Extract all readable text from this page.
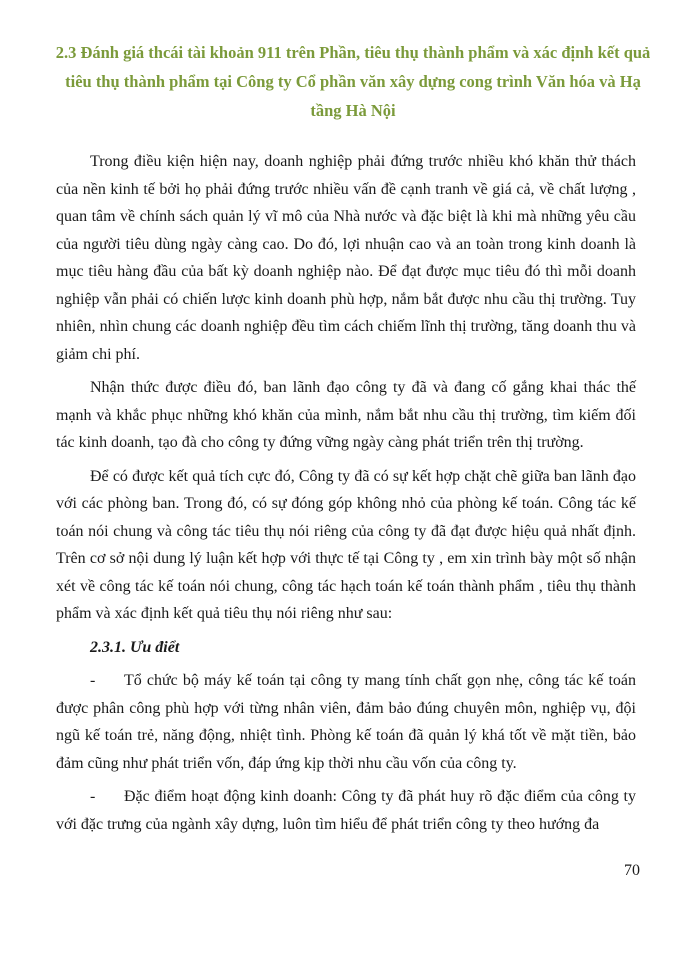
2.3 Đánh giá thcái tài khoản 911 trên Phần, tiêu thụ thành phẩm và xác định kết quả tiêu thụ thành phẩm tại Công ty Cổ phần văn xây dựng cong trình Văn hóa và Hạ tầng Hà Nội

Trong điều kiện hiện nay, doanh nghiệp phải đứng trước nhiều khó khăn thử thách của nền kinh tế bởi họ phải đứng trước nhiều vấn đề cạnh tranh về giá cả, về chất lượng , quan tâm về chính sách quản lý vĩ mô của Nhà nước và đặc biệt là khi mà những yêu cầu của người tiêu dùng ngày càng cao. Do đó, lợi nhuận cao và an toàn trong kinh doanh là mục tiêu hàng đầu của bất kỳ doanh nghiệp nào. Để đạt được mục tiêu đó thì mỗi doanh nghiệp vẫn phải có chiến lược kinh doanh phù hợp, nắm bắt được nhu cầu thị trường. Tuy nhiên, nhìn chung các doanh nghiệp đều tìm cách chiếm lĩnh thị trường, tăng doanh thu và giảm chi phí.

Nhận thức được điều đó, ban lãnh đạo công ty đã và đang cố gắng khai thác thế mạnh và khắc phục những khó khăn của mình, nắm bắt nhu cầu thị trường, tìm kiếm đối tác kinh doanh, tạo đà cho công ty đứng vững ngày càng phát triển trên thị trường.

Để có được kết quả tích cực đó, Công ty đã có sự kết hợp chặt chẽ giữa ban lãnh đạo với các phòng ban. Trong đó, có sự đóng góp không nhỏ của phòng kế toán. Công tác kế toán nói chung và công tác tiêu thụ nói riêng của công ty đã đạt được hiệu quả nhất định. Trên cơ sở nội dung lý luận kết hợp với thực tế tại Công ty , em xin trình bày một số nhận xét về công tác kế toán nói chung, công tác hạch toán kế toán thành phẩm , tiêu thụ thành phẩm và xác định kết quả tiêu thụ nói riêng như sau:

2.3.1. Ưu điểt

- Tổ chức bộ máy kế toán tại công ty mang tính chất gọn nhẹ, công tác kế toán được phân công phù hợp với từng nhân viên, đảm bảo đúng chuyên môn, nghiệp vụ, đội ngũ kế toán trẻ, năng động, nhiệt tình. Phòng kế toán đã quản lý khá tốt về mặt tiền, bảo đảm cũng như phát triển vốn, đáp ứng kịp thời nhu cầu vốn của công ty.

- Đặc điểm hoạt động kinh doanh: Công ty đã phát huy rõ đặc điểm của công ty với đặc trưng của ngành xây dựng, luôn tìm hiểu để phát triển công ty theo hướng đa

70
